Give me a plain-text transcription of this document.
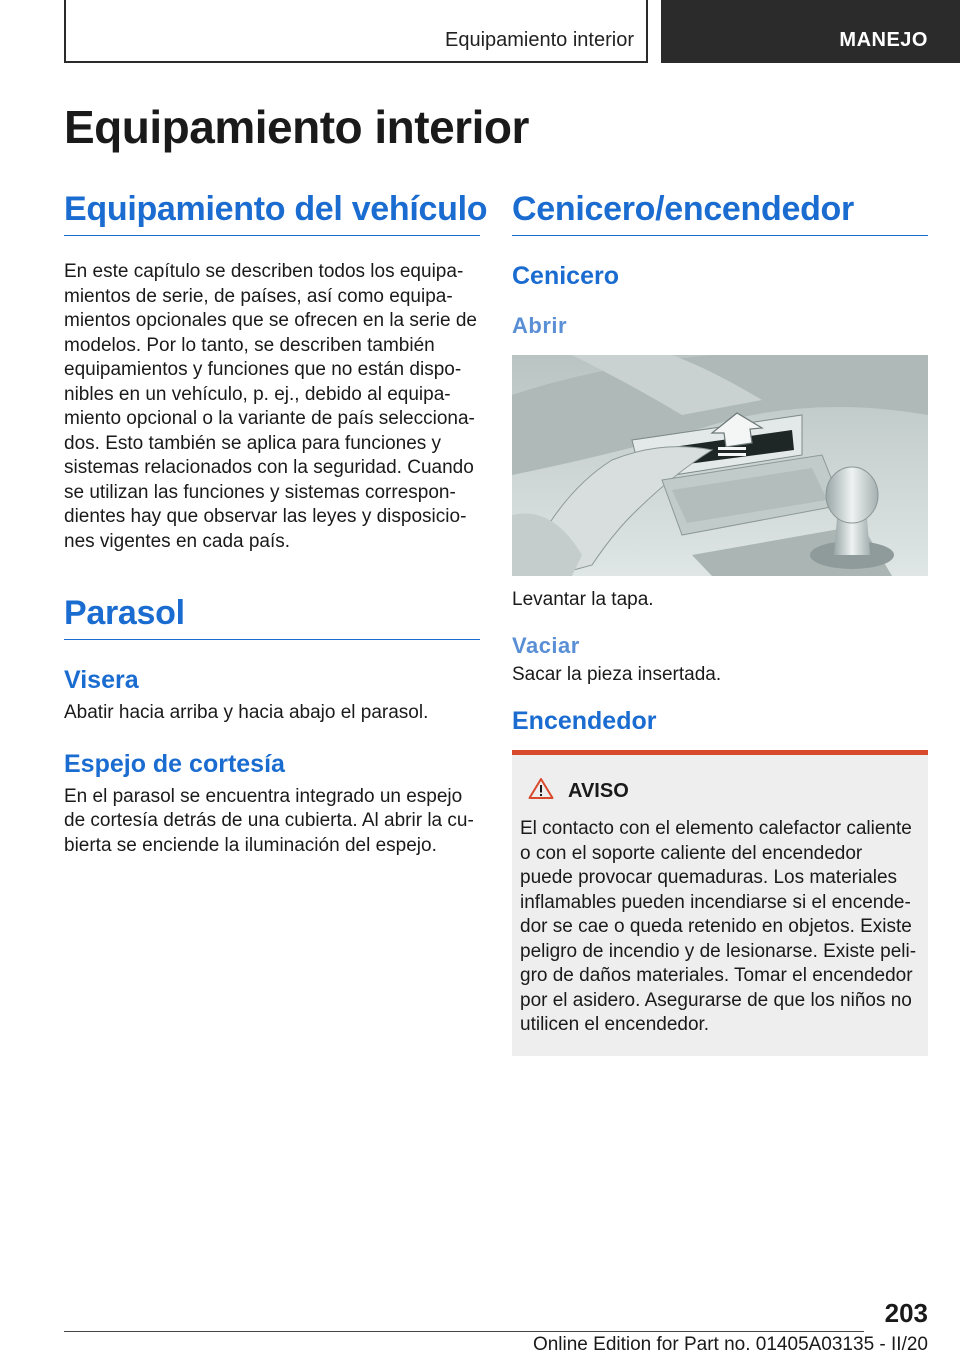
Equipamiento interior	MANEJO
Equipamiento interior
Equipamiento del vehículo

En este capítulo se describen todos los equipamientos de serie, de países, así como equipamientos opcionales que se ofrecen en la serie de modelos. Por lo tanto, se describen también equipamientos y funciones que no están disponibles en un vehículo, p. ej., debido al equipamiento opcional o la variante de país seleccionados. Esto también se aplica para funciones y sistemas relacionados con la seguridad. Cuando se utilizan las funciones y sistemas correspondientes hay que observar las leyes y disposiciones vigentes en cada país.

Parasol
Visera

Abatir hacia arriba y hacia abajo el parasol.

Espejo de cortesía

En el parasol se encuentra integrado un espejo de cortesía detrás de una cubierta. Al abrir la cubierta se enciende la iluminación del espejo.

Cenicero/encendedor
Cenicero
Abrir

Levantar la tapa.

Vaciar

Sacar la pieza insertada.

Encendedor
AVISO

El contacto con el elemento calefactor caliente o con el soporte caliente del encendedor puede provocar quemaduras. Los materiales inflamables pueden incendiarse si el encendedor se cae o queda retenido en objetos. Existe peligro de incendio y de lesionarse. Existe peligro de daños materiales. Tomar el encendedor por el asidero. Asegurarse de que los niños no utilicen el encendedor.

203
Online Edition for Part no. 01405A03135 - II/20
